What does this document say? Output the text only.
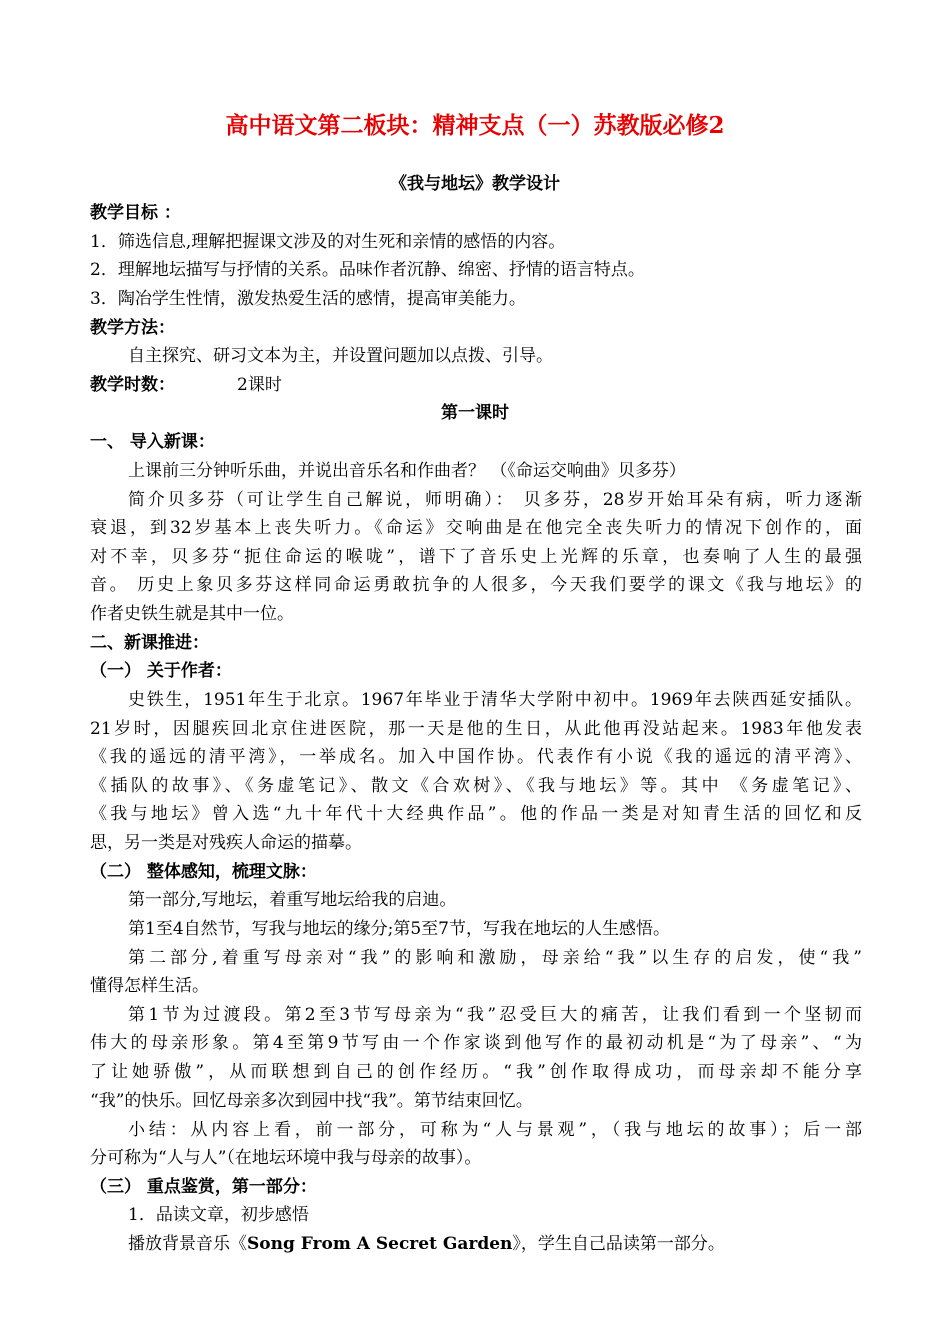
高中语文第二板块：精神支点（一）苏教版必修2
《我与地坛》教学设计
教学目标 ：
1．筛选信息,理解把握课文涉及的对生死和亲情的感悟的内容。
2．理解地坛描写与抒情的关系。品味作者沉静、绵密、抒情的语言特点。
3．陶冶学生性情，激发热爱生活的感情，提高审美能力。
教学方法：
自主探究、研习文本为主，并设置问题加以点拨、引导。
教学时数：	2课时
第一课时
一、 导入新课：
上课前三分钟听乐曲，并说出音乐名和作曲者？ （《命运交响曲》贝多芬）
简介贝多芬（可让学生自己解说，师明确）： 贝多芬，28岁开始耳朵有病，听力逐渐
衰退，到32岁基本上丧失听力。《命运》交响曲是在他完全丧失听力的情况下创作的，面
对不幸，贝多芬“扼住命运的喉咙”，谱下了音乐史上光辉的乐章，也奏响了人生的最强
音。 历史上象贝多芬这样同命运勇敢抗争的人很多，今天我们要学的课文《我与地坛》的
作者史铁生就是其中一位。
二、新课推进：
（一） 关于作者：
史铁生，1951年生于北京。1967年毕业于清华大学附中初中。1969年去陕西延安插队。
21岁时，因腿疾回北京住进医院，那一天是他的生日，从此他再没站起来。1983年他发表
《我的遥远的清平湾》，一举成名。加入中国作协。代表作有小说《我的遥远的清平湾》、
《插队的故事》、《务虚笔记》、散文《合欢树》、《我与地坛》等。其中 《务虚笔记》、
《我与地坛》曾入选“九十年代十大经典作品”。他的作品一类是对知青生活的回忆和反
思，另一类是对残疾人命运的描摹。
（二） 整体感知，梳理文脉：
第一部分,写地坛，着重写地坛给我的启迪。
第1至4自然节，写我与地坛的缘分;第5至7节，写我在地坛的人生感悟。
第二部分,着重写母亲对“我”的影响和激励，母亲给“我”以生存的启发，使“我”
懂得怎样生活。
第1节为过渡段。第2至3节写母亲为“我”忍受巨大的痛苦，让我们看到一个坚韧而
伟大的母亲形象。第4至第9节写由一个作家谈到他写作的最初动机是“为了母亲”、“为
了让她骄傲”，从而联想到自己的创作经历。“我”创作取得成功，而母亲却不能分享
“我”的快乐。回忆母亲多次到园中找“我”。第节结束回忆。
小结：从内容上看，前一部分，可称为“人与景观”，（我与地坛的故事）；后一部
分可称为“人与人”（在地坛环境中我与母亲的故事）。
（三） 重点鉴赏，第一部分：
1．品读文章，初步感悟
播放背景音乐《Song From A Secret Garden》，学生自己品读第一部分。
